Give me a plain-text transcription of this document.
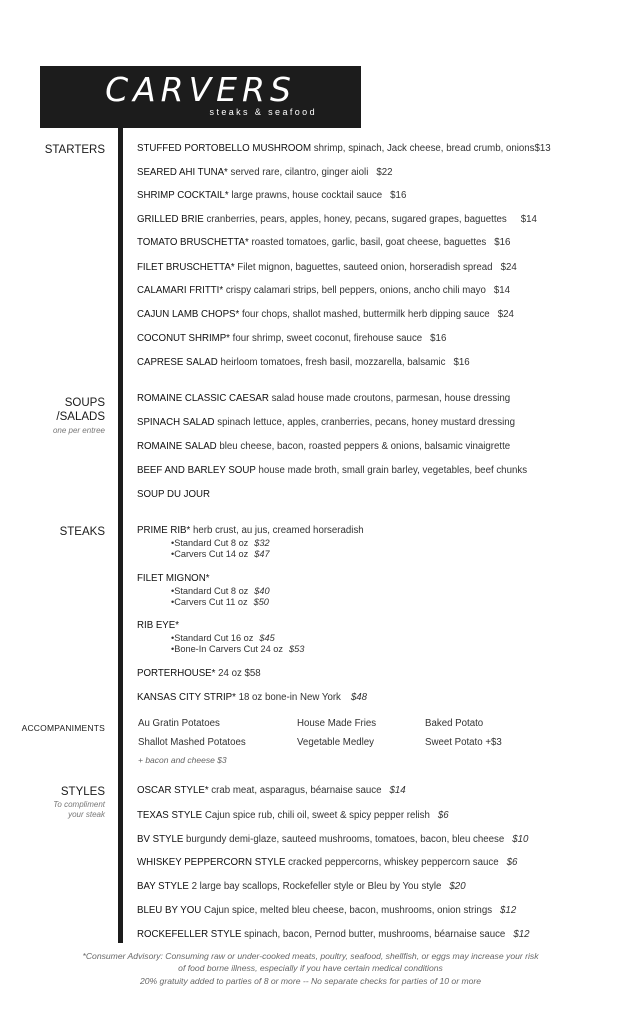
CARVERS
steaks & seafood
STARTERS
SOUPS
/SALADS
one per entree
STEAKS
ACCOMPANIMENTS
STYLES
To compliment
your steak
STUFFED PORTOBELLO MUSHROOM shrimp, spinach, Jack cheese, bread crumb, onions$13
SEARED AHI TUNA* served rare, cilantro, ginger aioli $22
SHRIMP COCKTAIL* large prawns, house cocktail sauce $16
GRILLED BRIE cranberries, pears, apples, honey, pecans, sugared grapes, baguettes $14
TOMATO BRUSCHETTA* roasted tomatoes, garlic, basil, goat cheese, baguettes $16
FILET BRUSCHETTA* Filet mignon, baguettes, sauteed onion, horseradish spread $24
CALAMARI FRITTI* crispy calamari strips, bell peppers, onions, ancho chili mayo $14
CAJUN LAMB CHOPS* four chops, shallot mashed, buttermilk herb dipping sauce $24
COCONUT SHRIMP* four shrimp, sweet coconut, firehouse sauce $16
CAPRESE SALAD heirloom tomatoes, fresh basil, mozzarella, balsamic $16
ROMAINE CLASSIC CAESAR salad house made croutons, parmesan, house dressing
SPINACH SALAD spinach lettuce, apples, cranberries, pecans, honey mustard dressing
ROMAINE SALAD bleu cheese, bacon, roasted peppers & onions, balsamic vinaigrette
BEEF AND BARLEY SOUP house made broth, small grain barley, vegetables, beef chunks
SOUP DU JOUR
PRIME RIB* herb crust, au jus, creamed horseradish
•Standard Cut 8 oz $32
•Carvers Cut 14 oz $47
FILET MIGNON*
•Standard Cut 8 oz $40
•Carvers Cut 11 oz $50
RIB EYE*
•Standard Cut 16 oz $45
•Bone-In Carvers Cut 24 oz $53
PORTERHOUSE* 24 oz $58
KANSAS CITY STRIP* 18 oz bone-in New York $48
Au Gratin Potatoes	House Made Fries	Baked Potato
Shallot Mashed Potatoes	Vegetable Medley	Sweet Potato +$3
+ bacon and cheese $3
OSCAR STYLE* crab meat, asparagus, béarnaise sauce $14
TEXAS STYLE Cajun spice rub, chili oil, sweet & spicy pepper relish $6
BV STYLE burgundy demi-glaze, sauteed mushrooms, tomatoes, bacon, bleu cheese $10
WHISKEY PEPPERCORN STYLE cracked peppercorns, whiskey peppercorn sauce $6
BAY STYLE 2 large bay scallops, Rockefeller style or Bleu by You style $20
BLEU BY YOU Cajun spice, melted bleu cheese, bacon, mushrooms, onion strings $12
ROCKEFELLER STYLE spinach, bacon, Pernod butter, mushrooms, béarnaise sauce $12
*Consumer Advisory: Consuming raw or under-cooked meats, poultry, seafood, shellfish, or eggs may increase your risk
of food borne illness, especially if you have certain medical conditions
20% gratuity added to parties of 8 or more -- No separate checks for parties of 10 or more
